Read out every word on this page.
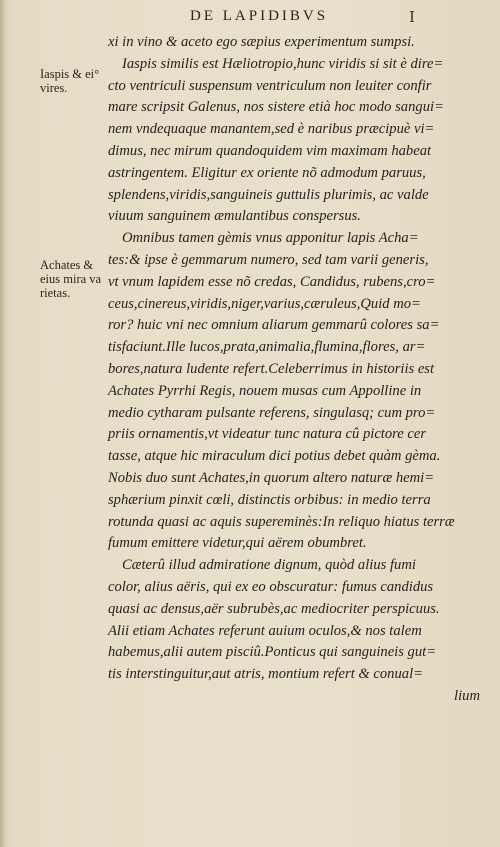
DE LAPIDIBVS	I
Iaspis & ei°
vires.
Achates &
eius mira va
rietas.
xi in vino & aceto ego sæpius experimentum sumpsi.
Iaspis similis est Hæliotropio,hunc viridis si sit è dire=
cto ventriculi suspensum ventriculum non leuiter confir
mare scripsit Galenus, nos sistere etià hoc modo sangui=
nem vndequaque manantem,sed è naribus præcipuè vi=
dimus, nec mirum quandoquidem vim maximam habeat
astringentem. Eligitur ex oriente nõ admodum paruus,
splendens,viridis,sanguineis guttulis plurimis, ac valde
viuum sanguinem æmulantibus conspersus.
Omnibus tamen gèmis vnus apponitur lapis Acha=
tes:& ipse è gemmarum numero, sed tam varii generis,
vt vnum lapidem esse nõ credas, Candidus, rubens,cro=
ceus,cinereus,viridis,niger,varius,cæruleus,Quid mo=
ror? huic vni nec omnium aliarum gemmarû colores sa=
tisfaciunt.Ille lucos,prata,animalia,flumina,flores, ar=
bores,natura ludente refert.Celeberrimus in historiis est
Achates Pyrrhi Regis, nouem musas cum Appolline in
medio cytharam pulsante referens, singulasq; cum pro=
priis ornamentis,vt videatur tunc natura cû pictore cer
tasse, atque hic miraculum dici potius debet quàm gèma.
Nobis duo sunt Achates,in quorum altero naturæ hemi=
sphærium pinxit cœli, distinctis orbibus: in medio terra
rotunda quasi ac aquis supereminès:In reliquo hiatus terræ
fumum emittere videtur,qui aërem obumbret.
Cæterû illud admiratione dignum, quòd alius fumi
color, alius aëris, qui ex eo obscuratur: fumus candidus
quasi ac densus,aër subrubès,ac mediocriter perspicuus.
Alii etiam Achates referunt auium oculos,& nos talem
habemus,alii autem pisciû.Ponticus qui sanguineis gut=
tis interstinguitur,aut atris, montium refert & conual=
lium
